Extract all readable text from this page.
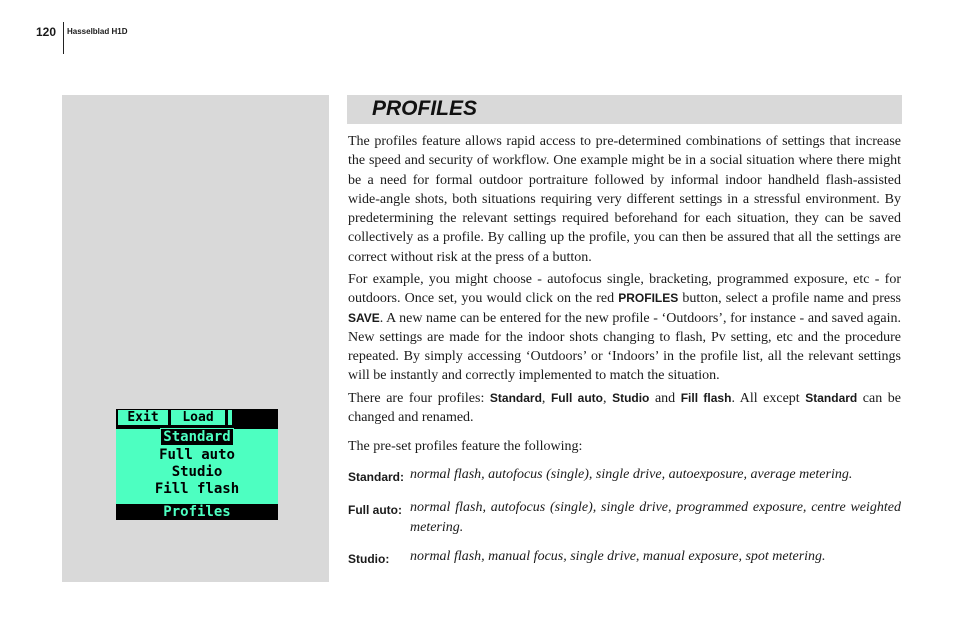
120 Hasselblad H1D
Exit	Load
Standard
Full auto
Studio
Fill flash
Profiles
PROFILES

The profiles feature allows rapid access to pre-determined combinations of settings that increase the speed and security of workflow. One example might be in a social situation where there might be a need for formal outdoor portraiture followed by informal indoor handheld flash-assisted wide-angle shots, both situations requiring very different settings in a stressful environment. By predetermining the relevant settings required beforehand for each situation, they can be saved collectively as a profile. By calling up the profile, you can then be assured that all the settings are correct without risk at the press of a button.

For example, you might choose - autofocus single, bracketing, programmed exposure, etc - for outdoors. Once set, you would click on the red PROFILES button, select a profile name and press SAVE. A new name can be entered for the new profile - ‘Outdoors’, for instance - and saved again. New settings are made for the indoor shots changing to flash, Pv setting, etc and the procedure repeated. By simply accessing ‘Outdoors’ or ‘Indoors’ in the profile list, all the relevant settings will be instantly and correctly implemented to match the situation.

There are four profiles: Standard, Full auto, Studio and Fill flash. All except Standard can be changed and renamed.

The pre-set profiles feature the following:

Standard: normal flash, autofocus (single), single drive, autoexposure, average metering.
Full auto: normal flash, autofocus (single), single drive, programmed exposure, centre weighted metering.
Studio: normal flash, manual focus, single drive, manual exposure, spot metering.
